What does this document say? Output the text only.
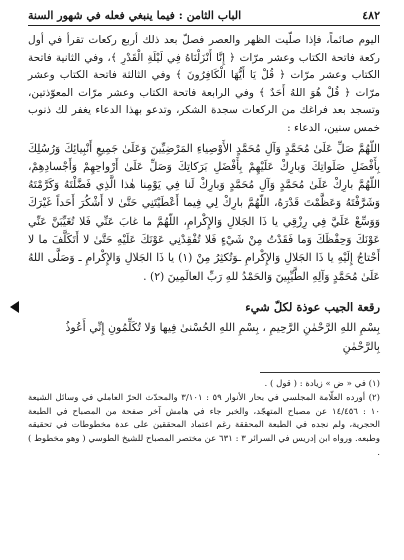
٤٨٢
الباب الثامن : فيما ينبغي فعله في شهور السنة

اليوم صائماً، فإذا صلّيت الظهر والعصر فصلّ بعد ذلك أربع ركعات تقرأ في أول ركعة فاتحة الكتاب وعشر مرّات ﴿ إِنَّا أَنْزَلْنَاهُ فِي لَيْلَةِ الْقَدْرِ ﴾، وفي الثانية فاتحة الكتاب وعشر مرّات ﴿ قُلْ يَا أَيُّهَا الْكَافِرُونَ ﴾ وفي الثالثة فاتحة الكتاب وعشر مرّات ﴿ قُلْ هُوَ اللهُ أَحَدٌ ﴾ وفي الرابعة فاتحة الكتاب وعشر مرّات المعوّذتين، وتسجد بعد فراغك من الركعات سجدة الشكر، وتدعو بهذا الدعاء يغفر لك ذنوب خمس سنين، الدعاء :

اللّهُمَّ صَلِّ عَلَىٰ مُحَمَّدٍ وَآلِ مُحَمَّدٍ الأَوْصِياءِ المَرْضِيِّينَ وَعَلَىٰ جَمِيعِ أَنْبِيائِكَ وَرُسُلِكَ بِأَفْضَلِ صَلَواتِكَ وَبارِكْ عَلَيْهِمْ بِأَفْضَلِ بَرَكاتِكَ وَصَلِّ عَلَىٰ أَرْواحِهِمْ وَأَجْسادِهِمْ، اللّهُمَّ بارِكْ عَلَىٰ مُحَمَّدٍ وَآلِ مُحَمَّدٍ وَبارِكْ لَنا فِي يَوْمِنا هٰذا الَّذِي فَضَّلْتَهُ وَكَرَّمْتَهُ وَشَرَّفْتَهُ وَعَظَّمْتَ قَدْرَهُ، اللّهُمَّ بارِكْ لِي فِيما أَعْطَيْتَنِي حَتَّىٰ لا أَشْكُرَ أَحَداً غَيْرَكَ وَوَسِّعْ عَلَيَّ فِي رِزْقِي يا ذَا الجَلالِ وَالإِكْرامِ، اللّهُمَّ ما غابَ عَنِّي فَلا تُغَيِّبَنَّ عَنِّي عَوْنَكَ وَحِفْظَكَ وَما فَقَدْتُ مِنْ شَيْءٍ فَلا تُفْقِدْنِي عَوْنَكَ عَلَيْهِ حَتَّىٰ لا أَتَكَلَّفَ ما لا أَحْتاجُ إِلَيْهِ يا ذَا الجَلالِ وَالإِكْرامِ ـوَتُكثِرُ مِنْ (١) يا ذَا الجَلالِ وَالإِكْرامِ ـ وَصَلَّى اللهُ عَلَىٰ مُحَمَّدٍ وَآلِهِ الطَّيِّبِينَ وَالحَمْدُ للهِ رَبِّ العالَمِينَ (٢) .

رقعة الجيب عوذة لكلّ شيء
بِسْمِ اللهِ الرَّحْمٰنِ الرَّحِيمِ ، بِسْمِ اللهِ الحُسْنىٰ فِيها وَلا تُكَلِّمُونِ إِنِّي أَعُوذُ بِالرَّحْمٰنِ

(١) في « ض » زيادة : ( قول ) .

(٢) أورده العلّامة المجلسي في بحار الأنوار ٥٩ : ٣/١٠١ والمحدّث الحرّ العاملي في وسائل الشيعة ١٠ : ١٤/٤٥٦ عن مصباح المتهجّد، والخبر جاء في هامش آخر صفحة من المصباح في الطبعة الحجرية، ولم نجده في الطبعة المحققة رغم اعتماد المحققين على عدة مخطوطات في تحقيقه وطبعه. ورواه ابن إدريس في السرائر ٣ : ٦٣١ عن مختصر المصباح للشيخ الطوسي ( وهو مخطوط ) .
